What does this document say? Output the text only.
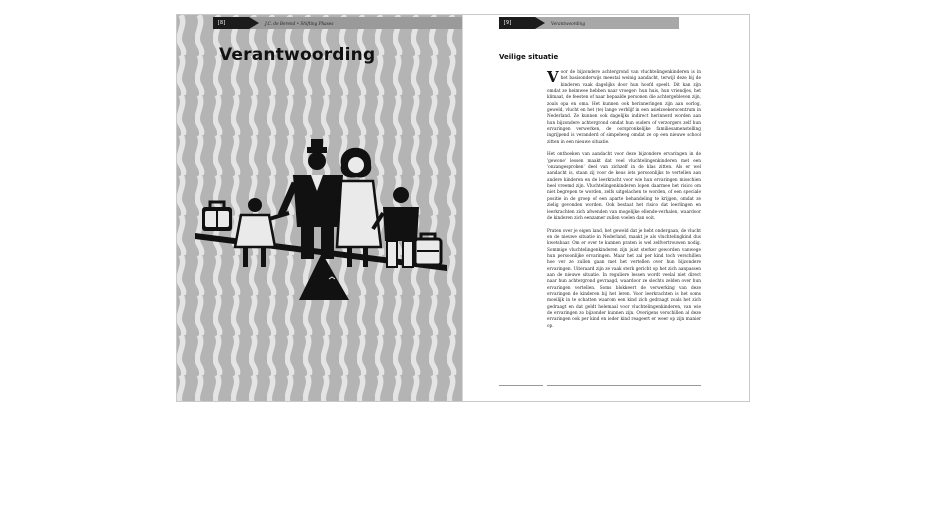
[8]	J.C. de Berend • Shifting Phases
Verantwoording
[9]	Verantwoording
Veilige situatie

Voor de bijzondere achtergrond van vluchtelingenkinderen is in het basisonderwijs meestal weinig aandacht, terwijl deze bij de kinderen vaak dagelijks door hun hoofd speelt. Dit kan zijn omdat ze heimwee hebben naar vroeger: hun huis, hun vriendjes, het klimaat, de feesten of naar bepaalde personen die achtergebleven zijn, zoals opa en oma. Het kunnen ook herinneringen zijn aan oorlog, geweld, vlucht en het (te) lange verblijf in een asielzoekerscentrum in Nederland. Ze kunnen ook dagelijks indirect herinnerd worden aan hun bijzondere achtergrond omdat hun ouders of verzorgers zelf hun ervaringen verwerken, de oorspronkelijke familiesamenstelling ingrijpend is veranderd of simpelweg omdat ze op een nieuwe school zitten in een nieuwe situatie.

Het onthoeken van aandacht voor deze bijzondere ervaringen in de 'gewone' lessen maakt dat veel vluchtelingenkinderen met een 'onzangesproken' deel van zichzelf in de klas zitten. Als er wel aandacht is, staan zij voor de keus iets persoonlijks te vertellen aan andere kinderen en de leerkracht voor wie hun ervaringen misschien heel vreemd zijn. Vluchtelingenkinderen lopen daarmee het risico om niet begrepen te worden, zelfs uitgelachen te worden, of een speciale positie in de groep of een aparte behandeling te krijgen, omdat ze zielig gevonden worden. Ook bestaat het risico dat leerlingen en leerkrachten zich afwenden van mogelijke ellende-verhalen, waardoor de kinderen zich eenzamer zullen voelen dan ooit.

Praten over je eigen land, het geweld dat je hebt ondergaan, de vlucht en de nieuwe situatie in Nederland, maakt je als vluchtelingkind dus kwetsbaar. Om er over te kunnen praten is wel zelfvertrouwen nodig. Sommige vluchtelingenkinderen zijn juist sterker geworden vanwege hun persoonlijke ervaringen. Maar het zal per kind toch verschillen hoe ver ze zullen gaan met het vertellen over hun bijzondere ervaringen. Uiteraard zijn ze vaak sterk gericht op het zich aanpassen aan de nieuwe situatie. In reguliere lessen wordt veelal niet direct naar hun achtergrond gevraagd, waardoor ze slechts zelden over hun ervaringen vertellen. Soms blokkeert de verwerking van deze ervaringen de kinderen bij het leren. Voor leerkrachten is het soms moeilijk in te schatten waarom een kind zich gedraagt zoals het zich gedraagt en dat geldt helemaal voor vluchtelingenkinderen, van wie de ervaringen zo bijzonder kunnen zijn. Overigens verschillen al deze ervaringen ook per kind en ieder kind reageert er weer op zijn manier op.
